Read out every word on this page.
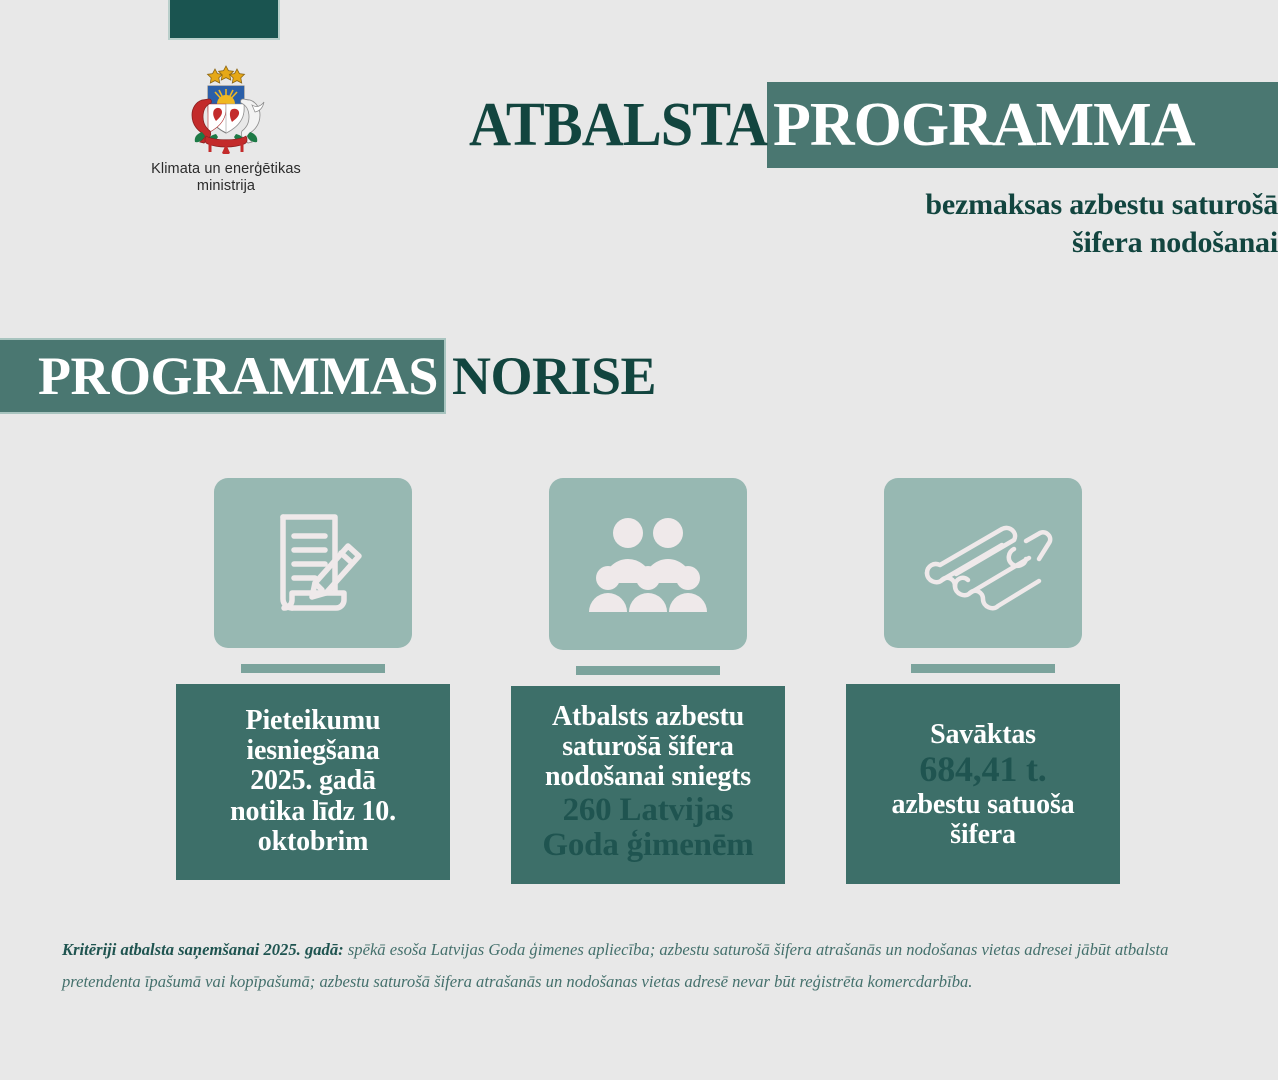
Klimata un enerģētikas
ministrija
ATBALSTA PROGRAMMA
bezmaksas azbestu saturošā
šifera nodošanai
PROGRAMMAS NORISE
Pieteikumu
iesniegšana
2025. gadā
notika līdz 10.
oktobrim
Atbalsts azbestu
saturošā šifera
nodošanai sniegts
260 Latvijas
Goda ģimenēm
Savāktas
684,41 t.
azbestu satuoša
šifera
Kritēriji atbalsta saņemšanai 2025. gadā: spēkā esoša Latvijas Goda ģimenes apliecība; azbestu saturošā šifera atrašanās un nodošanas vietas adresei jābūt atbalsta pretendenta īpašumā vai kopīpašumā; azbestu saturošā šifera atrašanās un nodošanas vietas adresē nevar būt reģistrēta komercdarbība.
